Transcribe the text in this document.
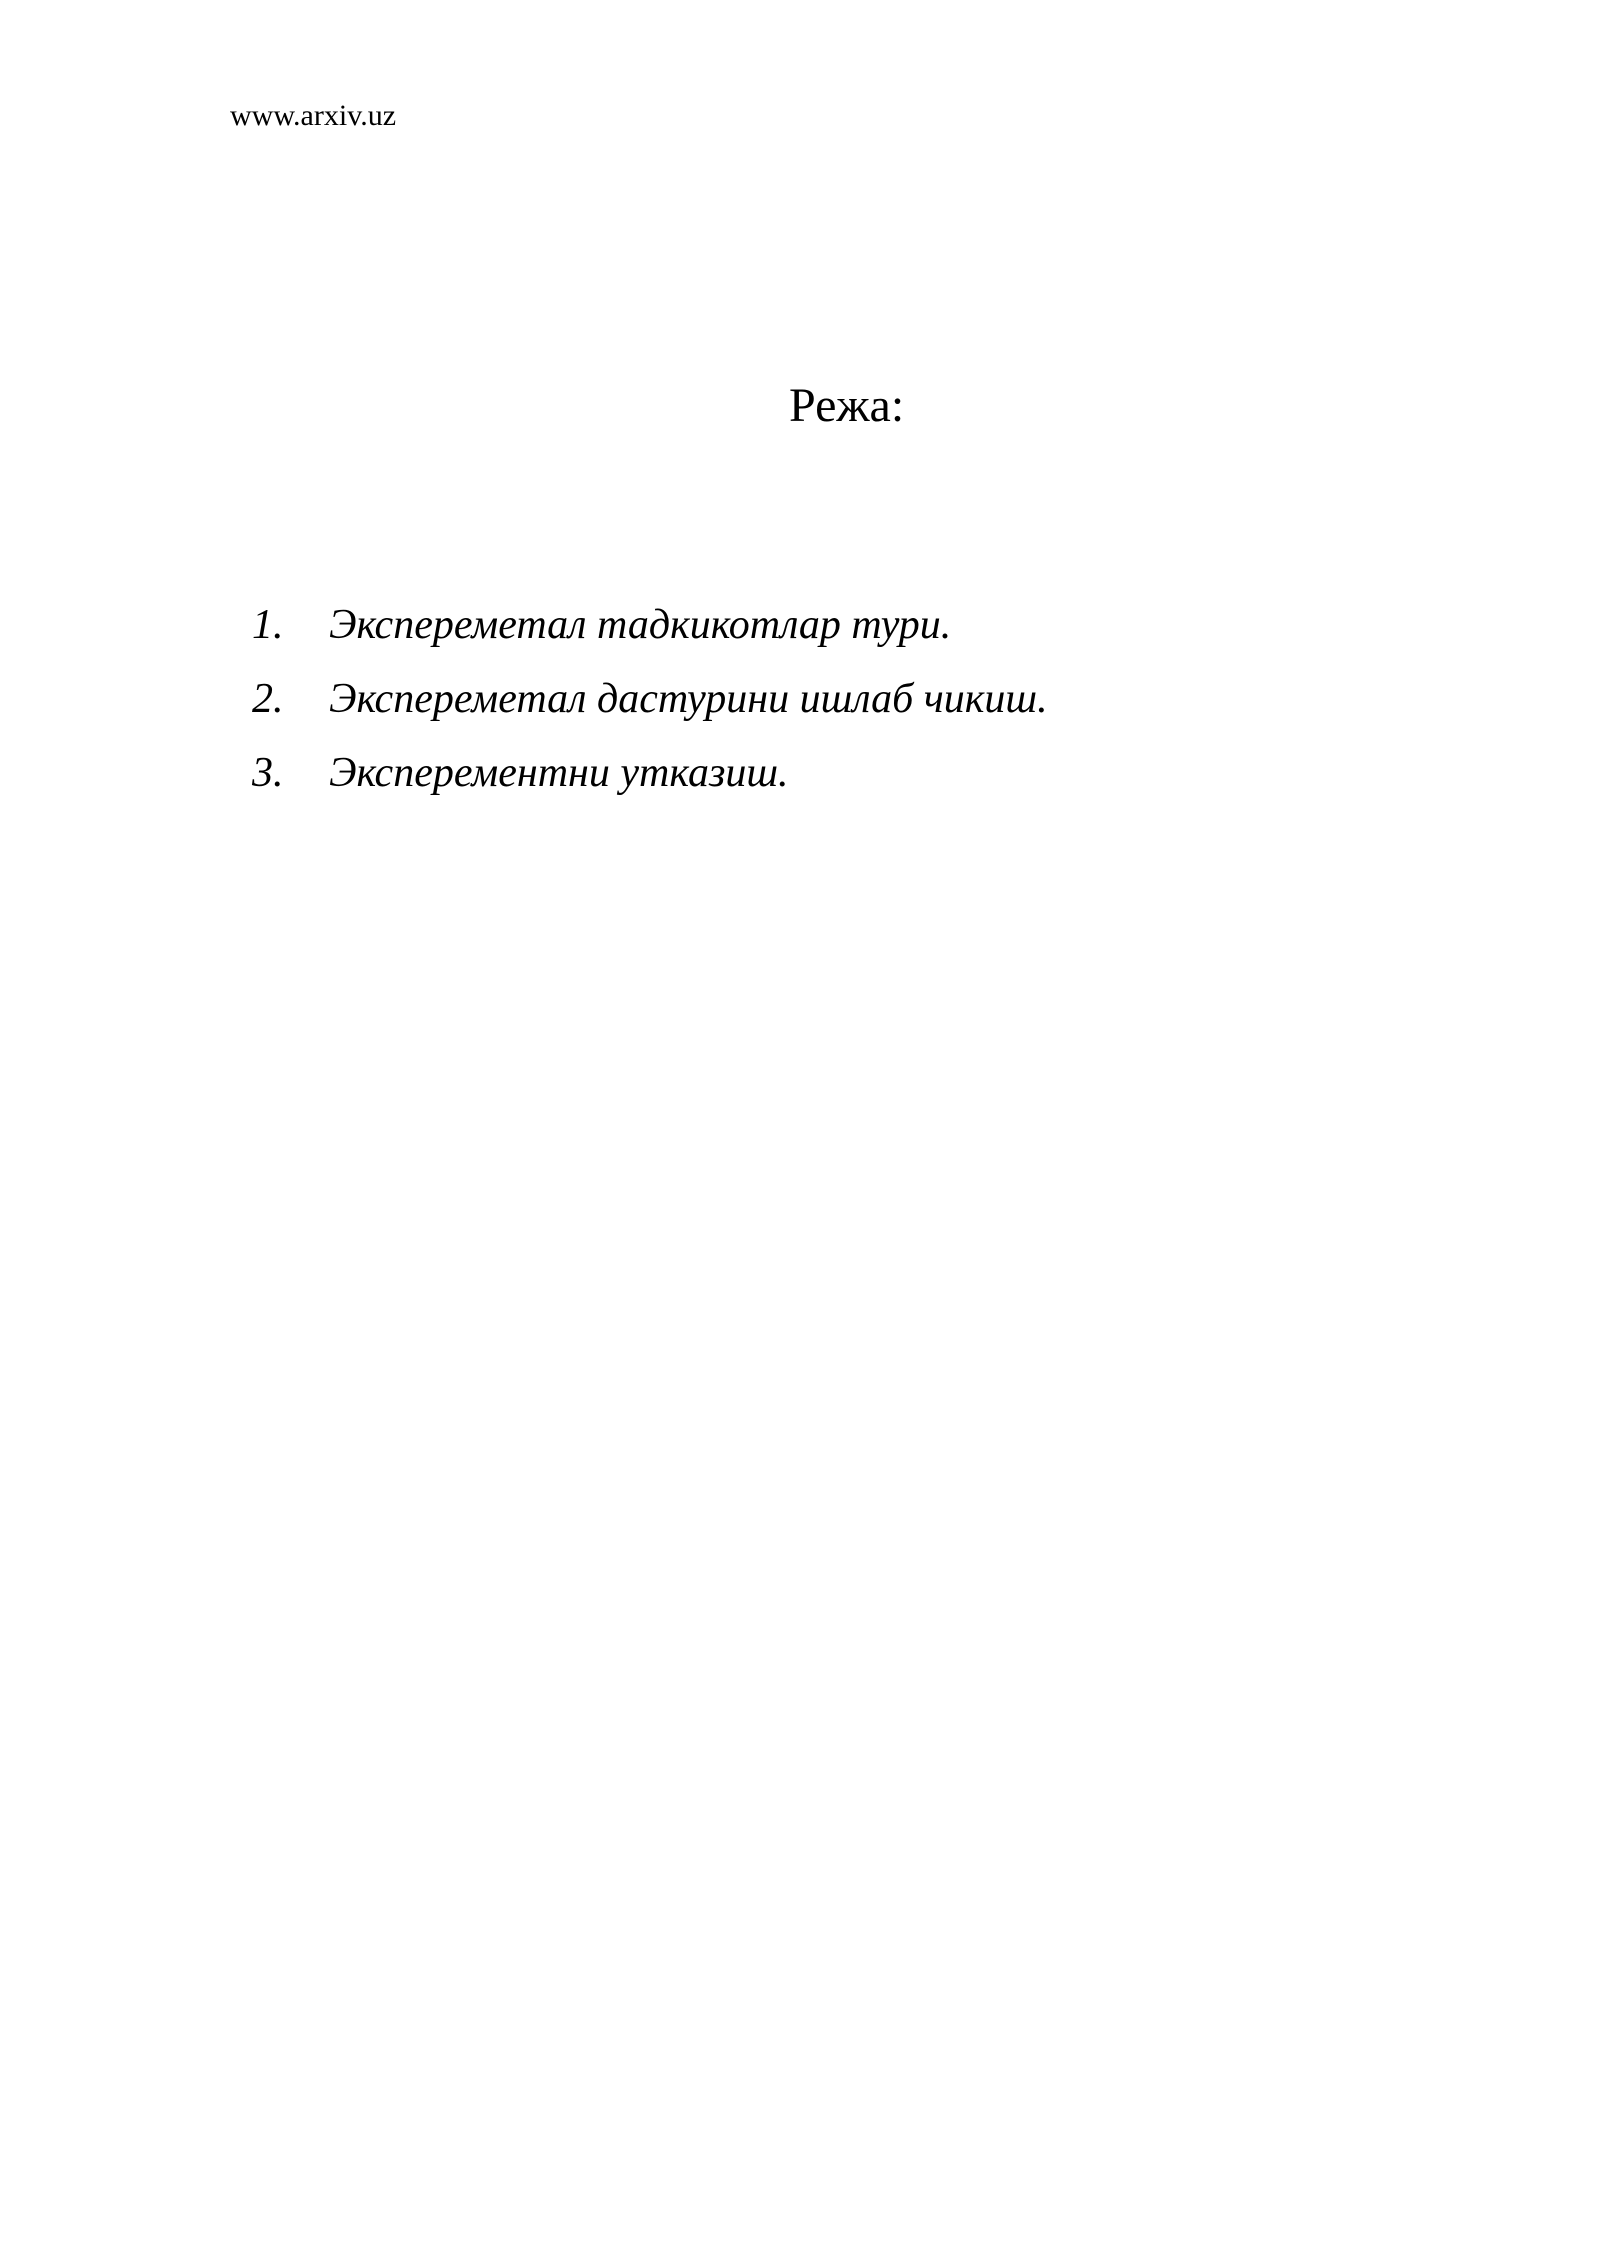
www.arxiv.uz
Режа:
1. Экспереметал тадкикотлар тури.
2. Экспереметал дастурини ишлаб чикиш.
3. Эксперементни утказиш.
